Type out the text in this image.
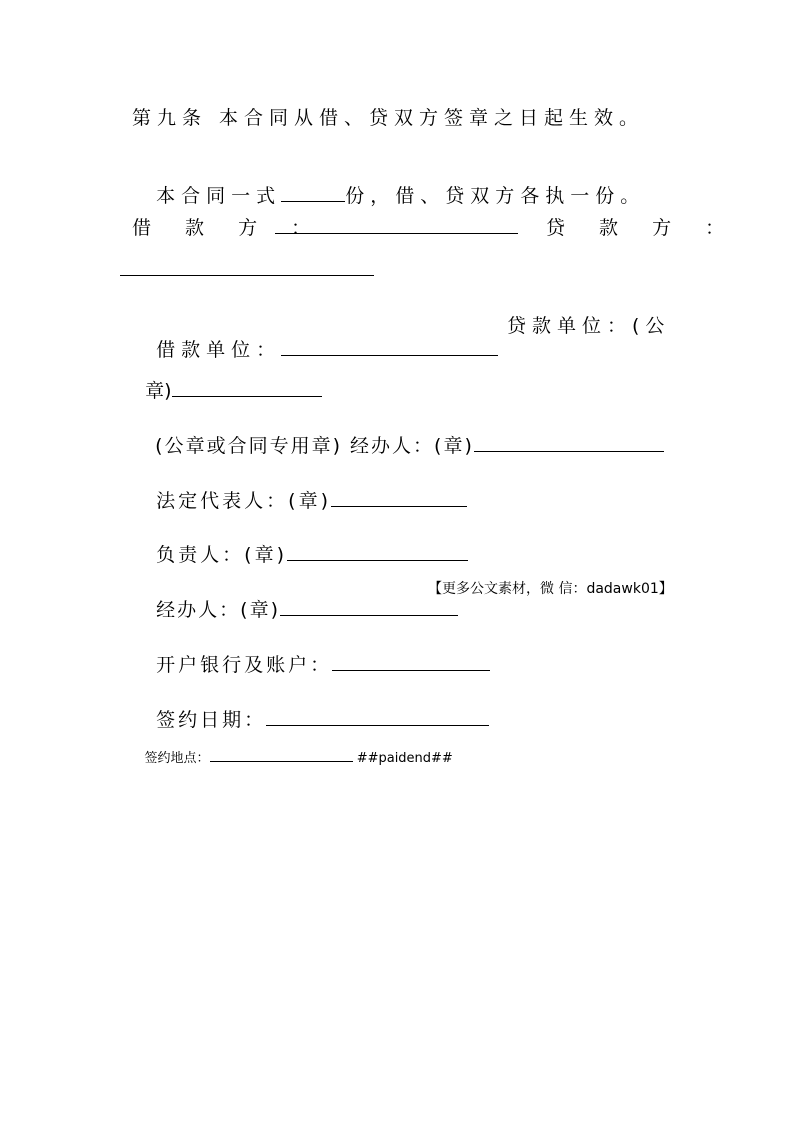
第九条 本合同从借、贷双方签章之日起生效。

本合同一式	份，借、贷双方各执一份。

借 款 方 ：	贷 款 方 ：

借款单位：

贷款单位：(公

章)

(公章或合同专用章) 经办人：(章)

法定代表人：(章)

负责人：(章)

经办人：(章)

【更多公文素材，微 信：dadawk01】

开户银行及账户：

签约日期：

签约地点：	##paidend##
